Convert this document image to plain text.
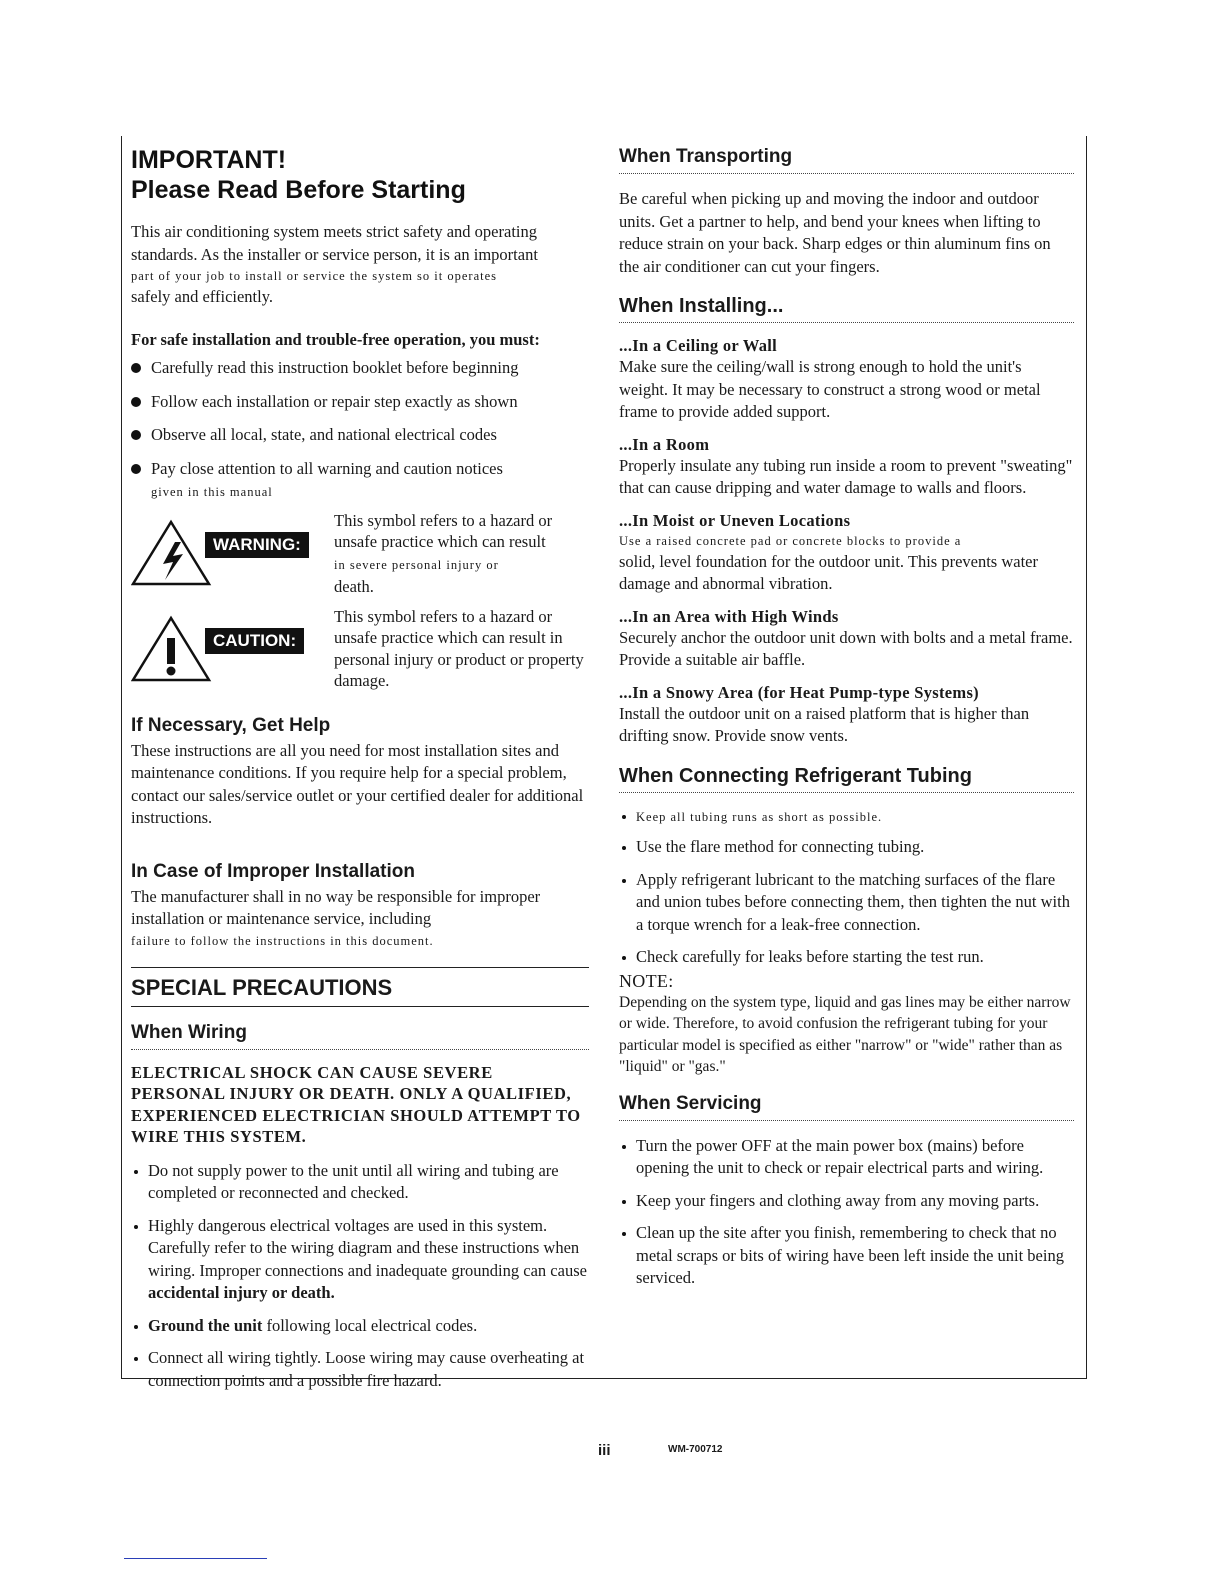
IMPORTANT!
Please Read Before Starting

This air conditioning system meets strict safety and operating standards. As the installer or service person, it is an important

part of your job to install or service the system so it operates

safely and efficiently.

For safe installation and trouble-free operation, you must:

Carefully read this instruction booklet before beginning
Follow each installation or repair step exactly as shown
Observe all local, state, and national electrical codes
Pay close attention to all warning and caution notices
given in this manual
WARNING:
This symbol refers to a hazard or unsafe practice which can result
in severe personal injury or
death.
CAUTION:
This symbol refers to a hazard or unsafe practice which can result in personal injury or product or property damage.
If Necessary, Get Help

These instructions are all you need for most installation sites and maintenance conditions. If you require help for a special problem, contact our sales/service outlet or your certified dealer for additional instructions.

In Case of Improper Installation

The manufacturer shall in no way be responsible for improper installation or maintenance service, including

failure to follow the instructions in this document.

SPECIAL PRECAUTIONS
When Wiring

ELECTRICAL SHOCK CAN CAUSE SEVERE PERSONAL INJURY OR DEATH. ONLY A QUALIFIED, EXPERIENCED ELECTRICIAN SHOULD ATTEMPT TO WIRE THIS SYSTEM.

Do not supply power to the unit until all wiring and tubing are completed or reconnected and checked.
Highly dangerous electrical voltages are used in this system. Carefully refer to the wiring diagram and these instructions when wiring. Improper connections and inadequate grounding can cause accidental injury or death.
Ground the unit following local electrical codes.
Connect all wiring tightly. Loose wiring may cause overheating at connection points and a possible fire hazard.
When Transporting

Be careful when picking up and moving the indoor and outdoor units. Get a partner to help, and bend your knees when lifting to reduce strain on your back. Sharp edges or thin aluminum fins on the air conditioner can cut your fingers.

When Installing...
...In a Ceiling or Wall

Make sure the ceiling/wall is strong enough to hold the unit's weight. It may be necessary to construct a strong wood or metal frame to provide added support.

...In a Room

Properly insulate any tubing run inside a room to prevent "sweating" that can cause dripping and water damage to walls and floors.

...In Moist or Uneven Locations

Use a raised concrete pad or concrete blocks to provide a

solid, level foundation for the outdoor unit. This prevents water damage and abnormal vibration.

...In an Area with High Winds

Securely anchor the outdoor unit down with bolts and a metal frame. Provide a suitable air baffle.

...In a Snowy Area (for Heat Pump-type Systems)

Install the outdoor unit on a raised platform that is higher than drifting snow. Provide snow vents.

When Connecting Refrigerant Tubing
Keep all tubing runs as short as possible.
Use the flare method for connecting tubing.
Apply refrigerant lubricant to the matching surfaces of the flare and union tubes before connecting them, then tighten the nut with a torque wrench for a leak-free connection.
Check carefully for leaks before starting the test run.
NOTE:

Depending on the system type, liquid and gas lines may be either narrow or wide. Therefore, to avoid confusion the refrigerant tubing for your particular model is specified as either "narrow" or "wide" rather than as "liquid" or "gas."

When Servicing
Turn the power OFF at the main power box (mains) before opening the unit to check or repair electrical parts and wiring.
Keep your fingers and clothing away from any moving parts.
Clean up the site after you finish, remembering to check that no metal scraps or bits of wiring have been left inside the unit being serviced.
iii	WM-700712
